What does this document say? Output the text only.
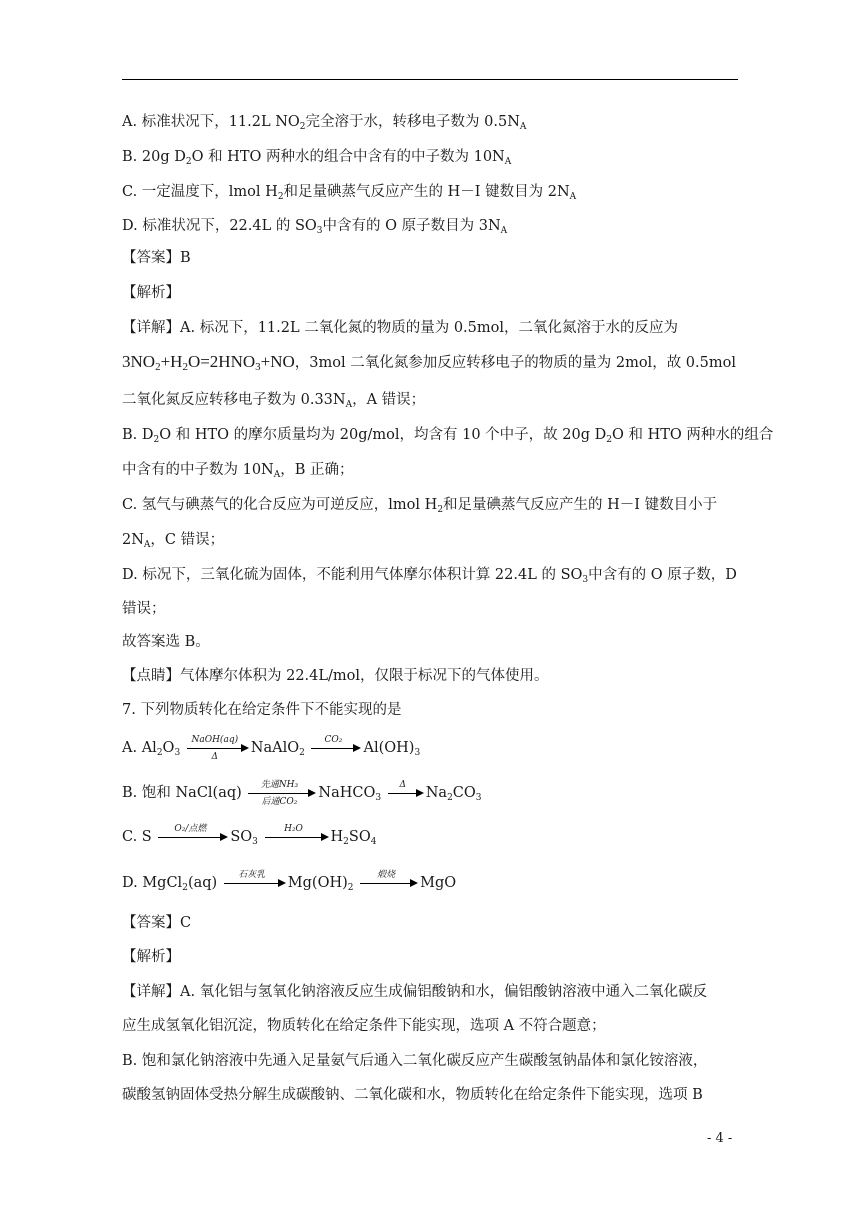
A. 标准状况下，11.2L $NO_2$完全溶于水，转移电子数为 $0.5N_A$
B. 20g $D_2O$ 和 HTO 两种水的组合中含有的中子数为 $10N_A$
C. 一定温度下，lmol $H_2$和足量碘蒸气反应产生的 H－I 键数目为 $2N_A$
D. 标准状况下，22.4L 的 $SO_3$中含有的 O 原子数目为 $3N_A$
【答案】B
【解析】
【详解】A. 标况下，11.2L 二氧化氮的物质的量为 0.5mol，二氧化氮溶于水的反应为
$3NO_2+H_2O=2HNO_3+NO$，3mol 二氧化氮参加反应转移电子的物质的量为 2mol，故 0.5mol
二氧化氮反应转移电子数为 $0.33N_A$，A 错误；
B. $D_2O$ 和 HTO 的摩尔质量均为 20g/mol，均含有 10 个中子，故 20g $D_2O$ 和 HTO 两种水的组合
中含有的中子数为 $10N_A$，B 正确；
C. 氢气与碘蒸气的化合反应为可逆反应，lmol $H_2$和足量碘蒸气反应产生的 H－I 键数目小于
$2N_A$，C 错误；
D. 标况下，三氧化硫为固体，不能利用气体摩尔体积计算 22.4L 的 $SO_3$中含有的 O 原子数，D
错误；
故答案选 B。
【点睛】气体摩尔体积为 22.4L/mol，仅限于标况下的气体使用。
7. 下列物质转化在给定条件下不能实现的是
A. $Al_2O_3$
NaOH(aq)
Δ
NaAlO$_2$
CO₂
$Al(OH)_3$
B. 饱和 NaCl(aq)
先通NH₃
后通CO₂
NaHCO$_3$
Δ
$Na_2CO_3$
C. S
O₂/点燃
$SO_3$
H₂O
$H_2SO_4$
D. MgCl$_2$(aq)
石灰乳
$Mg(OH)_2$
煅烧
MgO
【答案】C
【解析】
【详解】A. 氧化铝与氢氧化钠溶液反应生成偏铝酸钠和水，偏铝酸钠溶液中通入二氧化碳反
应生成氢氧化铝沉淀，物质转化在给定条件下能实现，选项 A 不符合题意；
B. 饱和氯化钠溶液中先通入足量氨气后通入二氧化碳反应产生碳酸氢钠晶体和氯化铵溶液，
碳酸氢钠固体受热分解生成碳酸钠、二氧化碳和水，物质转化在给定条件下能实现，选项 B
- 4 -
